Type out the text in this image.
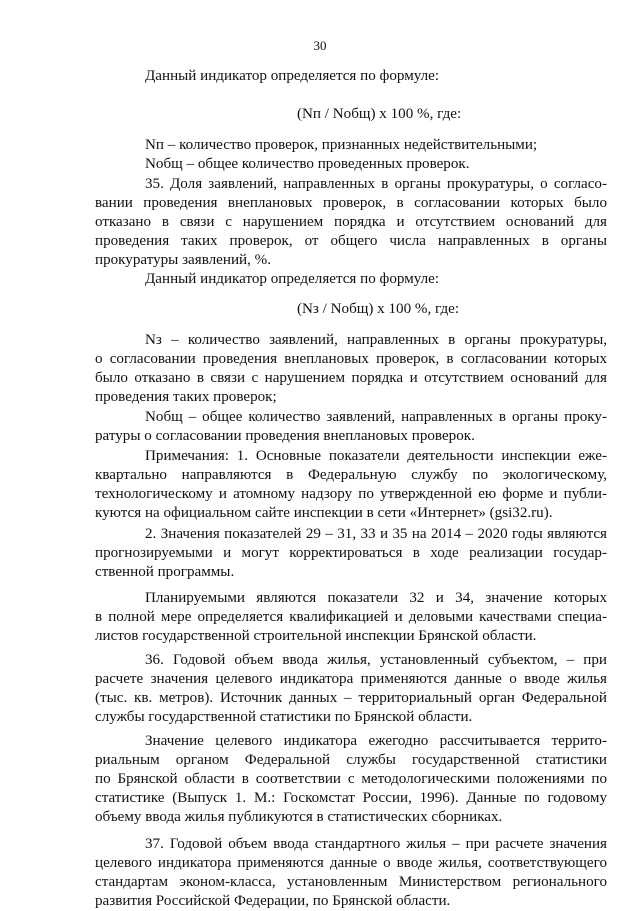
30
Данный индикатор определяется по формуле:
(Nп / Nобщ) х 100 %, где:
Nп – количество проверок, признанных недействительными;
Nобщ – общее количество проведенных проверок.
35. Доля заявлений, направленных в органы прокуратуры, о согласо-
вании проведения внеплановых проверок, в согласовании которых было
отказано в связи с нарушением порядка и отсутствием оснований для
проведения таких проверок, от общего числа направленных в органы
прокуратуры заявлений, %.
Данный индикатор определяется по формуле:
(Nз / Nобщ) х 100 %, где:
Nз – количество заявлений, направленных в органы прокуратуры,
о согласовании проведения внеплановых проверок, в согласовании которых
было отказано в связи с нарушением порядка и отсутствием оснований для
проведения таких проверок;
Nобщ – общее количество заявлений, направленных в органы проку-
ратуры о согласовании проведения внеплановых проверок.
Примечания: 1. Основные показатели деятельности инспекции еже-
квартально направляются в Федеральную службу по экологическому,
технологическому и атомному надзору по утвержденной ею форме и публи-
куются на официальном сайте инспекции в сети «Интернет» (gsi32.ru).
2. Значения показателей 29 – 31, 33 и 35 на 2014 – 2020 годы являются
прогнозируемыми и могут корректироваться в ходе реализации государ-
ственной программы.
Планируемыми являются показатели 32 и 34, значение которых
в полной мере определяется квалификацией и деловыми качествами специа-
листов государственной строительной инспекции Брянской области.
36. Годовой объем ввода жилья, установленный субъектом, – при
расчете значения целевого индикатора применяются данные о вводе жилья
(тыс. кв. метров). Источник данных – территориальный орган Федеральной
службы государственной статистики по Брянской области.
Значение целевого индикатора ежегодно рассчитывается террито-
риальным органом Федеральной службы государственной статистики
по Брянской области в соответствии с методологическими положениями по
статистике (Выпуск 1. М.: Госкомстат России, 1996). Данные по годовому
объему ввода жилья публикуются в статистических сборниках.
37. Годовой объем ввода стандартного жилья – при расчете значения
целевого индикатора применяются данные о вводе жилья, соответствующего
стандартам эконом-класса, установленным Министерством регионального
развития Российской Федерации, по Брянской области.
